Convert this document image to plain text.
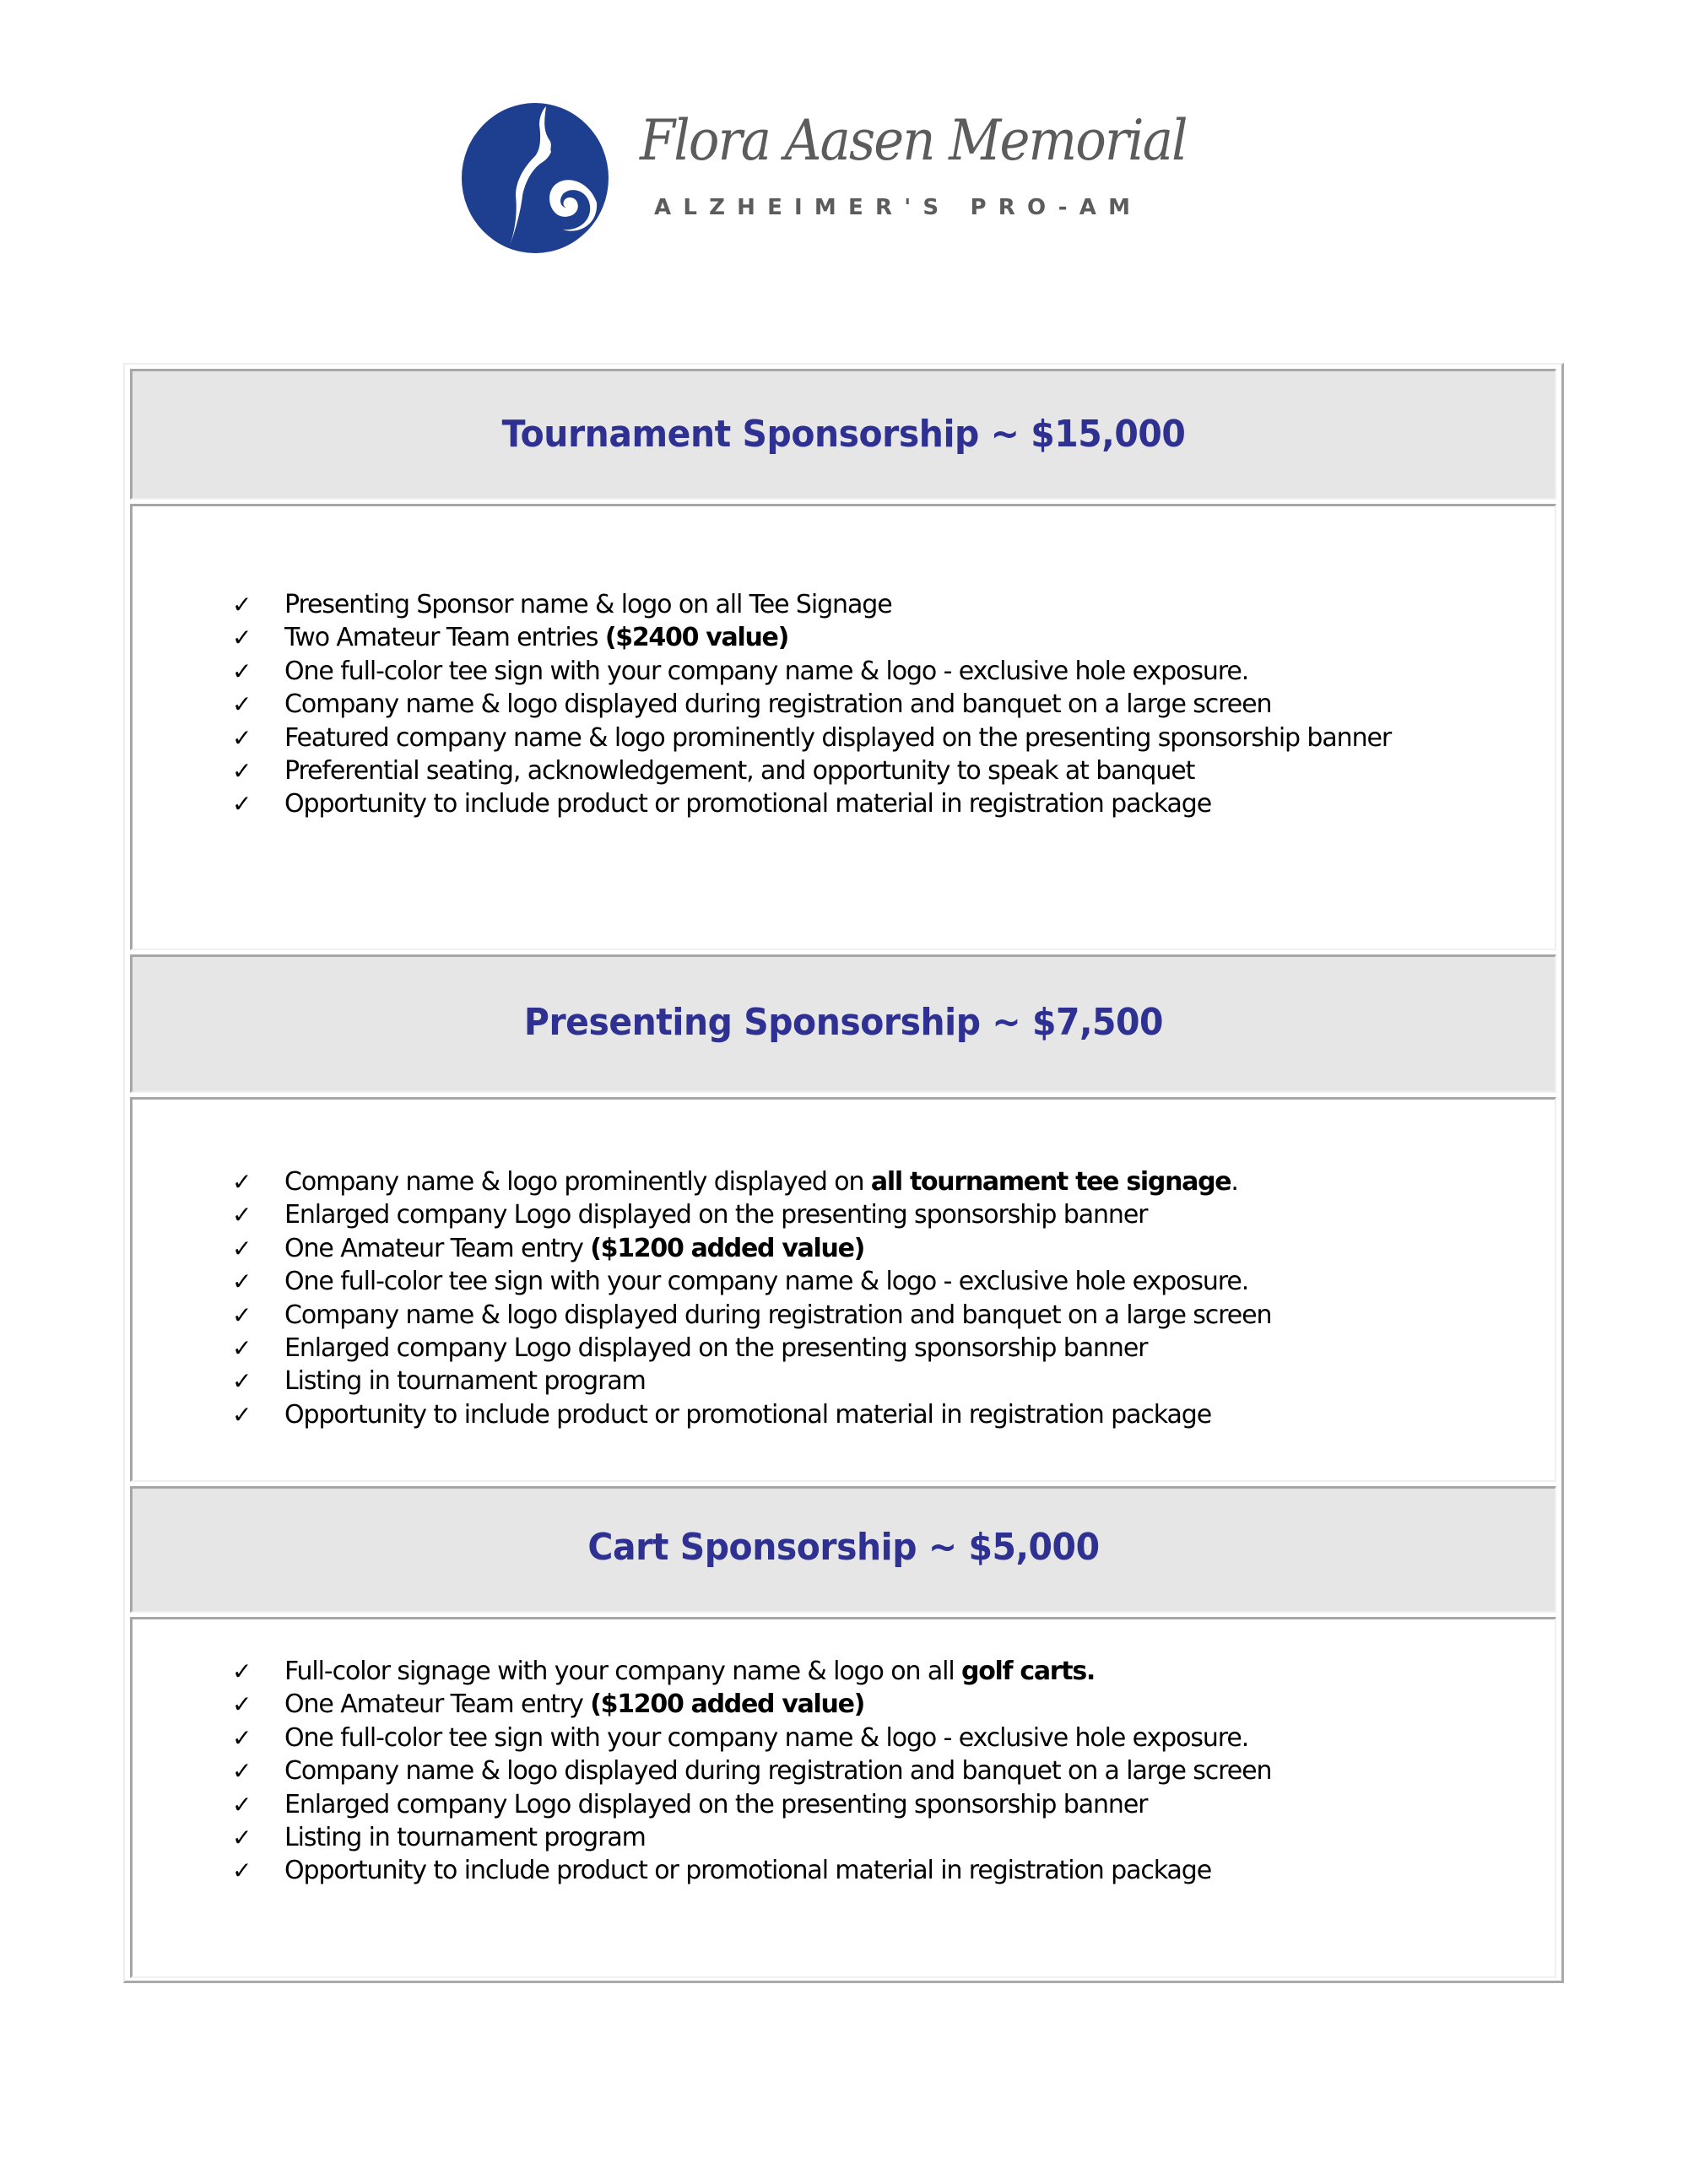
Flora Aasen Memorial
ALZHEIMER'S PRO-AM
Tournament Sponsorship ~ $15,000
✓ Presenting Sponsor name & logo on all Tee Signage
✓ Two Amateur Team entries ($2400 value)
✓ One full-color tee sign with your company name & logo - exclusive hole exposure.
✓ Company name & logo displayed during registration and banquet on a large screen
✓ Featured company name & logo prominently displayed on the presenting sponsorship banner
✓ Preferential seating, acknowledgement, and opportunity to speak at banquet
✓ Opportunity to include product or promotional material in registration package
Presenting Sponsorship ~ $7,500
✓ Company name & logo prominently displayed on all tournament tee signage.
✓ Enlarged company Logo displayed on the presenting sponsorship banner
✓ One Amateur Team entry ($1200 added value)
✓ One full-color tee sign with your company name & logo - exclusive hole exposure.
✓ Company name & logo displayed during registration and banquet on a large screen
✓ Enlarged company Logo displayed on the presenting sponsorship banner
✓ Listing in tournament program
✓ Opportunity to include product or promotional material in registration package
Cart Sponsorship ~ $5,000
✓ Full-color signage with your company name & logo on all golf carts.
✓ One Amateur Team entry ($1200 added value)
✓ One full-color tee sign with your company name & logo - exclusive hole exposure.
✓ Company name & logo displayed during registration and banquet on a large screen
✓ Enlarged company Logo displayed on the presenting sponsorship banner
✓ Listing in tournament program
✓ Opportunity to include product or promotional material in registration package
